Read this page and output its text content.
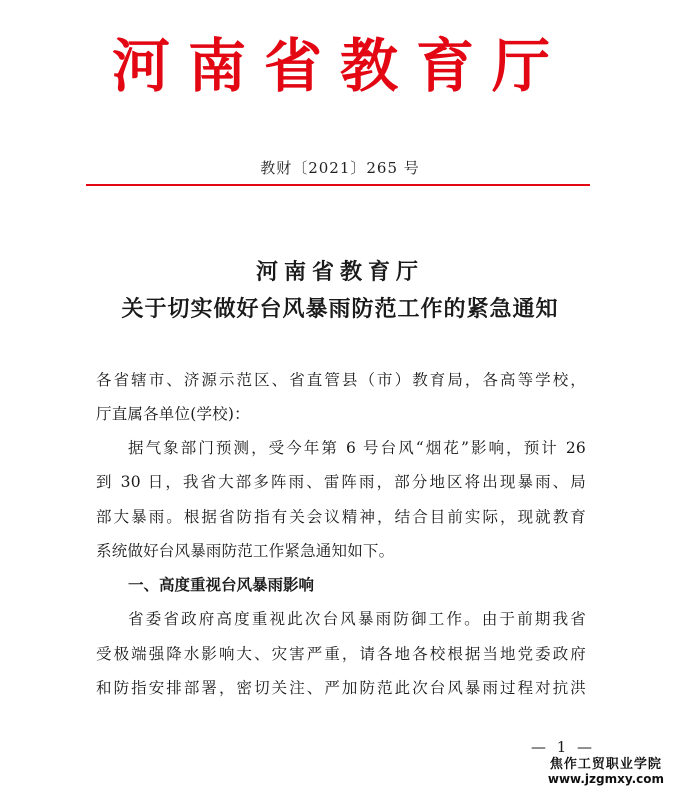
河南省教育厅
教财〔2021〕265 号
河南省教育厅
关于切实做好台风暴雨防范工作的紧急通知
各省辖市、济源示范区、省直管县（市）教育局，各高等学校，
厅直属各单位(学校)：
据气象部门预测，受今年第 6 号台风“烟花”影响，预计 26
到 30 日，我省大部多阵雨、雷阵雨，部分地区将出现暴雨、局
部大暴雨。根据省防指有关会议精神，结合目前实际，现就教育
系统做好台风暴雨防范工作紧急通知如下。
一、高度重视台风暴雨影响
省委省政府高度重视此次台风暴雨防御工作。由于前期我省
受极端强降水影响大、灾害严重，请各地各校根据当地党委政府
和防指安排部署，密切关注、严加防范此次台风暴雨过程对抗洪
— 1 —
焦作工贸职业学院
www.jzgmxy.com
